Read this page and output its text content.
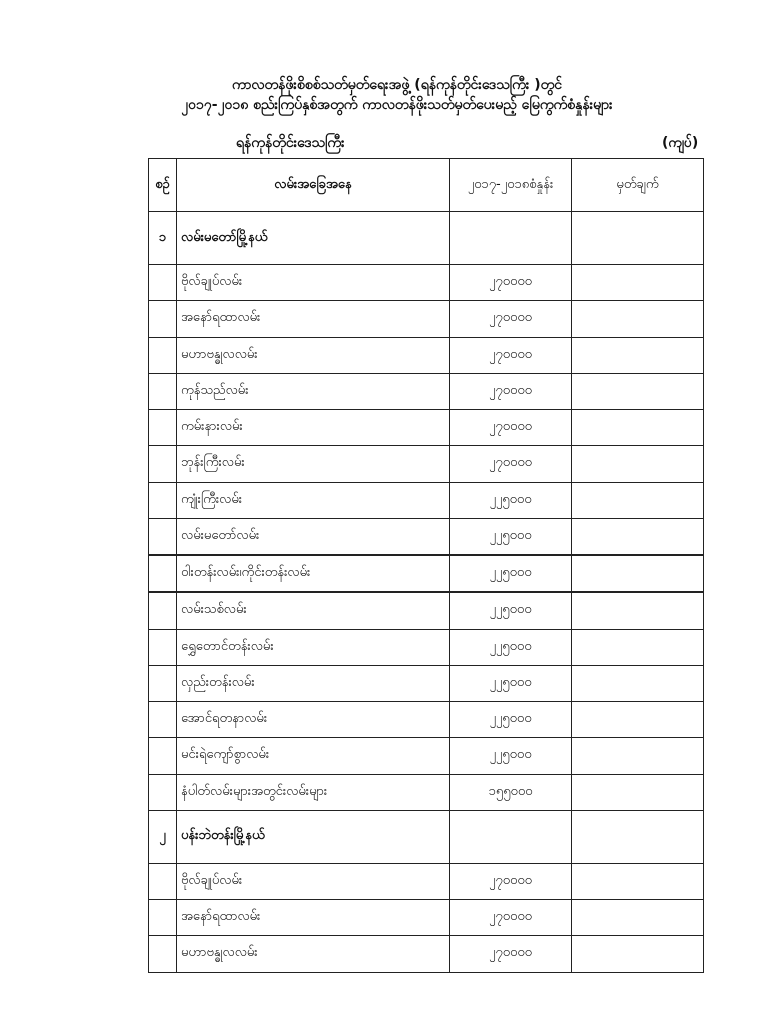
ကာလတန်ဖိုးစိစစ်သတ်မှတ်ရေးအဖွဲ့ (ရန်ကုန်တိုင်းဒေသကြီး )တွင်
၂၀၁၇-၂၀၁၈ စည်းကြပ်နှစ်အတွက် ကာလတန်ဖိုးသတ်မှတ်ပေးမည့် မြေကွက်စံနှုန်းများ
ရန်ကုန်တိုင်းဒေသကြီး	(ကျပ်)
စဉ်	လမ်းအခြေအနေ	၂၀၁၇-၂၀၁၈စံနှုန်း	မှတ်ချက်
၁	လမ်းမတော်မြို့နယ်		
	ဗိုလ်ချုပ်လမ်း	၂၇၀၀၀၀	
	အနော်ရထာလမ်း	၂၇၀၀၀၀	
	မဟာဗန္ဓုလလမ်း	၂၇၀၀၀၀	
	ကုန်သည်လမ်း	၂၇၀၀၀၀	
	ကမ်းနားလမ်း	၂၇၀၀၀၀	
	ဘုန်းကြီးလမ်း	၂၇၀၀၀၀	
	ကျုံးကြီးလမ်း	၂၂၅၀၀၀	
	လမ်းမတော်လမ်း	၂၂၅၀၀၀	
	ဝါးတန်းလမ်း၊ကိုင်းတန်းလမ်း	၂၂၅၀၀၀	
	လမ်းသစ်လမ်း	၂၂၅၀၀၀	
	ရွှေတောင်တန်းလမ်း	၂၂၅၀၀၀	
	လှည်းတန်းလမ်း	၂၂၅၀၀၀	
	အောင်ရတနာလမ်း	၂၂၅၀၀၀	
	မင်းရဲကျော်စွာလမ်း	၂၂၅၀၀၀	
	နံပါတ်လမ်းများအတွင်းလမ်းများ	၁၅၅၀၀၀	
၂	ပန်းဘဲတန်းမြို့နယ်		
	ဗိုလ်ချုပ်လမ်း	၂၇၀၀၀၀	
	အနော်ရထာလမ်း	၂၇၀၀၀၀	
	မဟာဗန္ဓုလလမ်း	၂၇၀၀၀၀	
